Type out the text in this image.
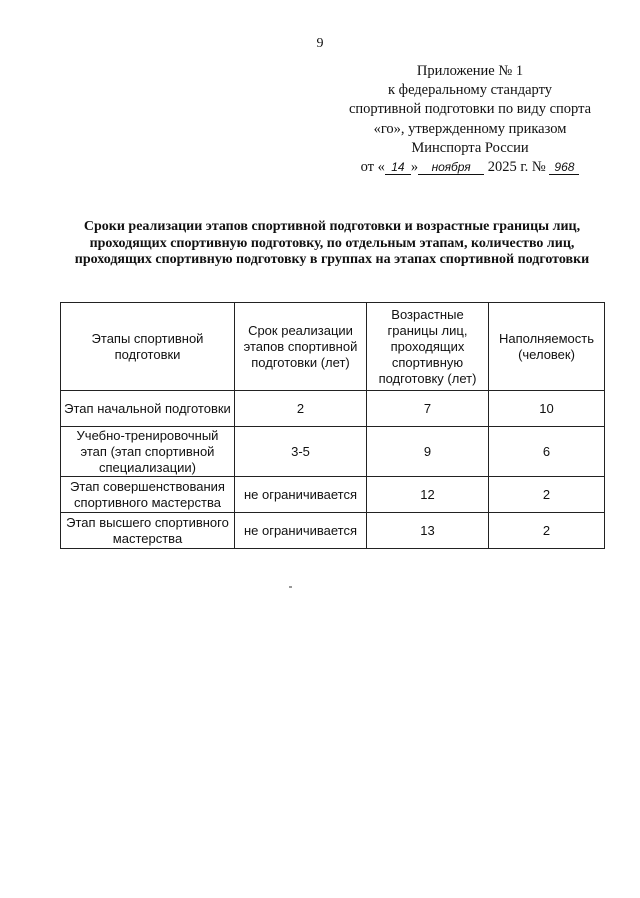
9
Приложение № 1
к федеральному стандарту
спортивной подготовки по виду спорта
«го», утвержденному приказом
Минспорта России
от « 14 » ноября 2025 г. № 968
Сроки реализации этапов спортивной подготовки и возрастные границы лиц, проходящих спортивную подготовку, по отдельным этапам, количество лиц, проходящих спортивную подготовку в группах на этапах спортивной подготовки
Этапы спортивной подготовки	Срок реализации этапов спортивной подготовки (лет)	Возрастные границы лиц, проходящих спортивную подготовку (лет)	Наполняемость (человек)
Этап начальной подготовки	2	7	10
Учебно-тренировочный этап (этап спортивной специализации)	3-5	9	6
Этап совершенствования спортивного мастерства	не ограничивается	12	2
Этап высшего спортивного мастерства	не ограничивается	13	2
